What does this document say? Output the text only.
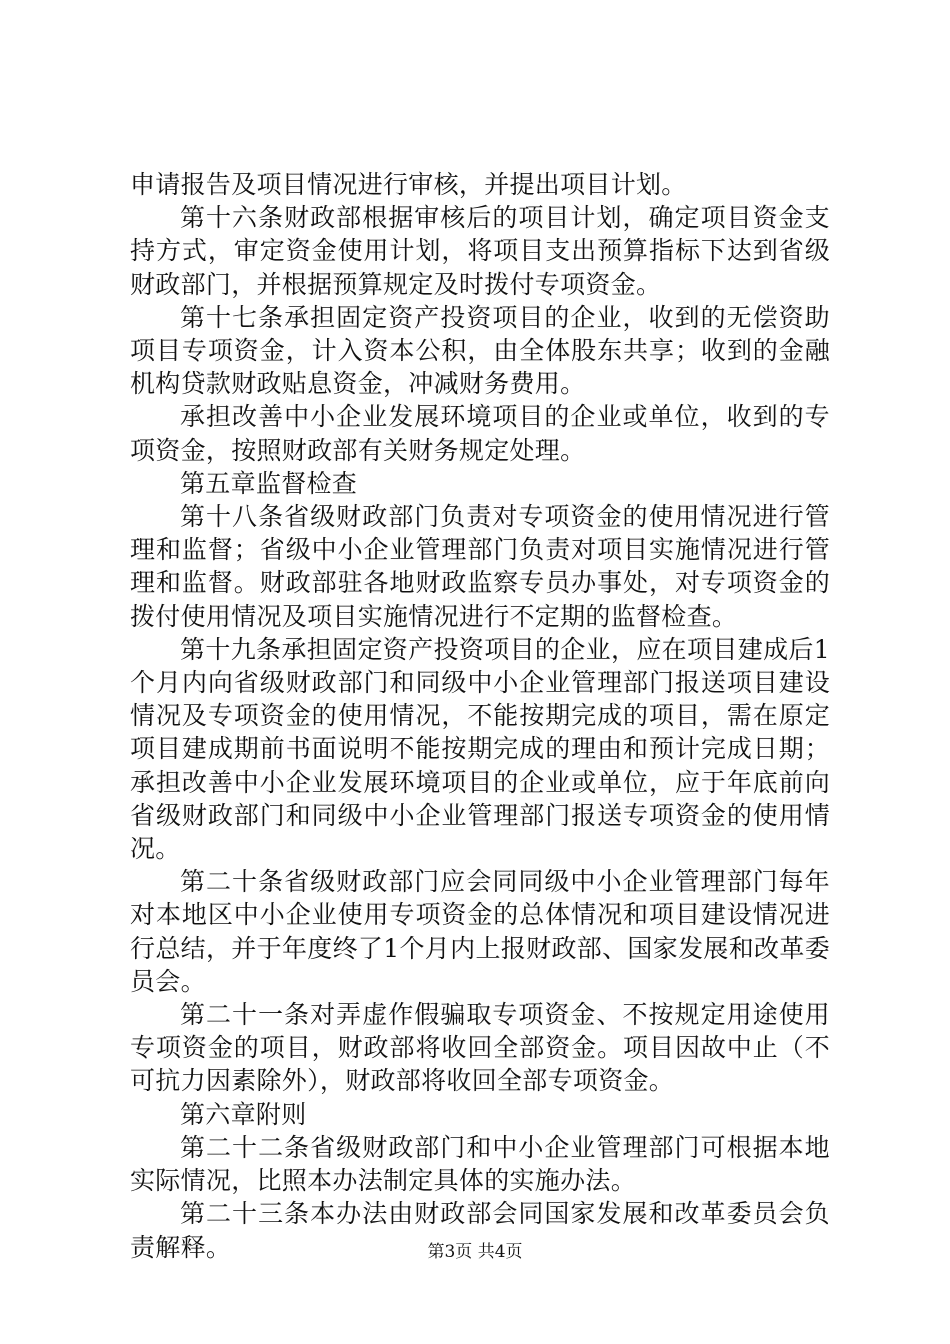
申请报告及项目情况进行审核，并提出项目计划。

第十六条财政部根据审核后的项目计划，确定项目资金支持方式，审定资金使用计划，将项目支出预算指标下达到省级财政部门，并根据预算规定及时拨付专项资金。

第十七条承担固定资产投资项目的企业，收到的无偿资助项目专项资金，计入资本公积，由全体股东共享；收到的金融机构贷款财政贴息资金，冲减财务费用。

承担改善中小企业发展环境项目的企业或单位，收到的专项资金，按照财政部有关财务规定处理。

第五章监督检查

第十八条省级财政部门负责对专项资金的使用情况进行管理和监督；省级中小企业管理部门负责对项目实施情况进行管理和监督。财政部驻各地财政监察专员办事处，对专项资金的拨付使用情况及项目实施情况进行不定期的监督检查。

第十九条承担固定资产投资项目的企业，应在项目建成后1个月内向省级财政部门和同级中小企业管理部门报送项目建设情况及专项资金的使用情况，不能按期完成的项目，需在原定项目建成期前书面说明不能按期完成的理由和预计完成日期；承担改善中小企业发展环境项目的企业或单位，应于年底前向省级财政部门和同级中小企业管理部门报送专项资金的使用情况。

第二十条省级财政部门应会同同级中小企业管理部门每年对本地区中小企业使用专项资金的总体情况和项目建设情况进行总结，并于年度终了1个月内上报财政部、国家发展和改革委员会。

第二十一条对弄虚作假骗取专项资金、不按规定用途使用专项资金的项目，财政部将收回全部资金。项目因故中止（不可抗力因素除外），财政部将收回全部专项资金。

第六章附则

第二十二条省级财政部门和中小企业管理部门可根据本地实际情况，比照本办法制定具体的实施办法。

第二十三条本办法由财政部会同国家发展和改革委员会负责解释。	第3页 共4页
